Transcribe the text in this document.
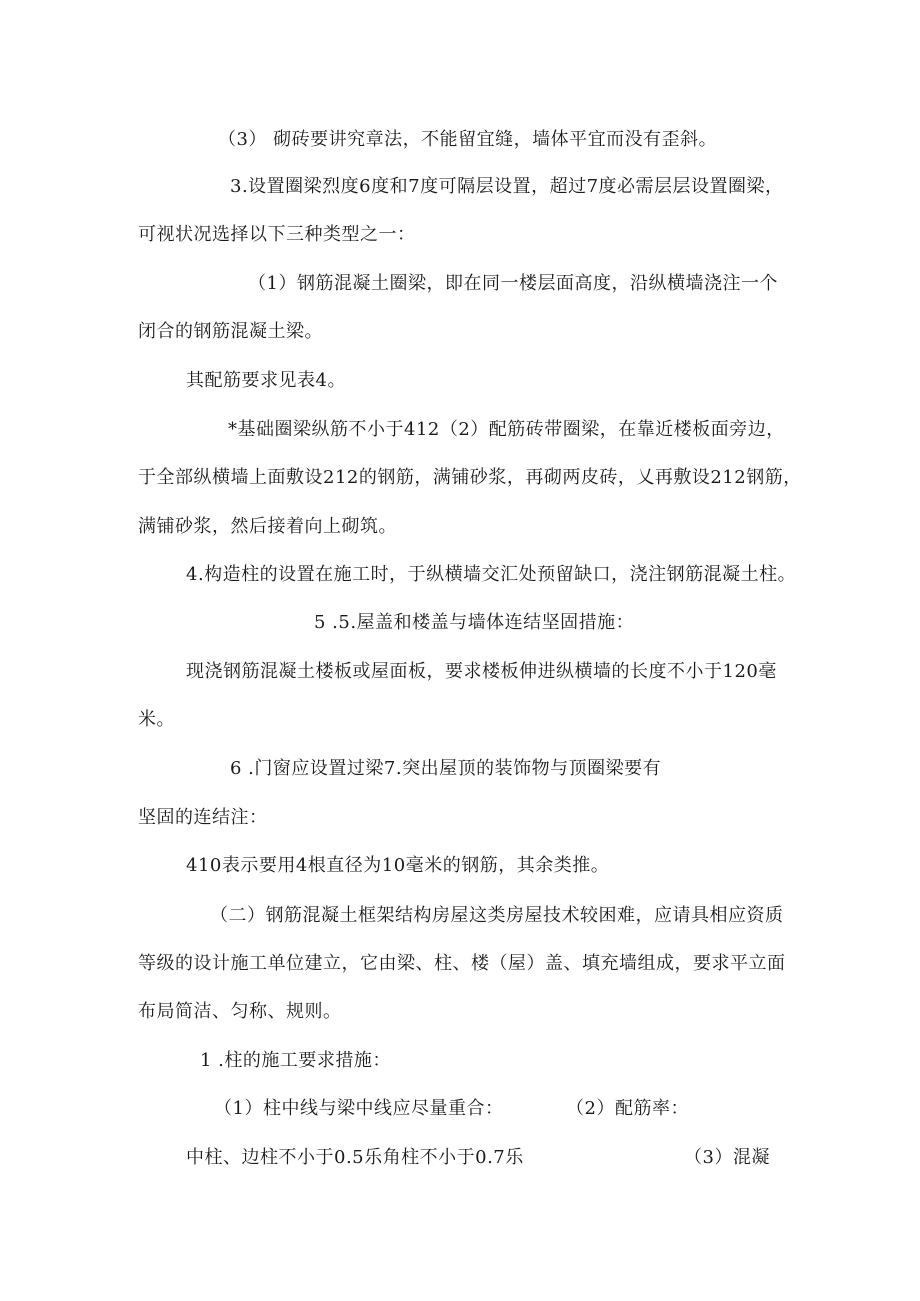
（3） 砌砖要讲究章法，不能留宜缝，墙体平宜而没有歪斜。
3.设置圈梁烈度6度和7度可隔层设置，超过7度必需层层设置圈梁，
可视状况选择以下三种类型之一：
（1）钢筋混凝土圈梁，即在同一楼层面高度，沿纵横墙浇注一个
闭合的钢筋混凝土梁。
其配筋要求见表4。
*基础圈梁纵筋不小于412（2）配筋砖带圈梁，在靠近楼板面旁边，
于全部纵横墙上面敷设212的钢筋，满铺砂浆，再砌两皮砖，乂再敷设212钢筋，
满铺砂浆，然后接着向上砌筑。
4.构造柱的设置在施工时，于纵横墙交汇处预留缺口，浇注钢筋混凝土柱。
5 .5.屋盖和楼盖与墙体连结坚固措施：
现浇钢筋混凝土楼板或屋面板，要求楼板伸进纵横墙的长度不小于120毫
米。
6 .门窗应设置过梁7.突出屋顶的装饰物与顶圈梁要有
坚固的连结注：
410表示要用4根直径为10毫米的钢筋，其余类推。
（二）钢筋混凝土框架结构房屋这类房屋技术较困难，应请具相应资质
等级的设计施工单位建立，它由梁、柱、楼（屋）盖、填充墙组成，要求平立面
布局简洁、匀称、规则。
1 .柱的施工要求措施：
（1）柱中线与梁中线应尽量重合：	（2）配筋率：
中柱、边柱不小于0.5乐角柱不小于0.7乐	（3）混凝
